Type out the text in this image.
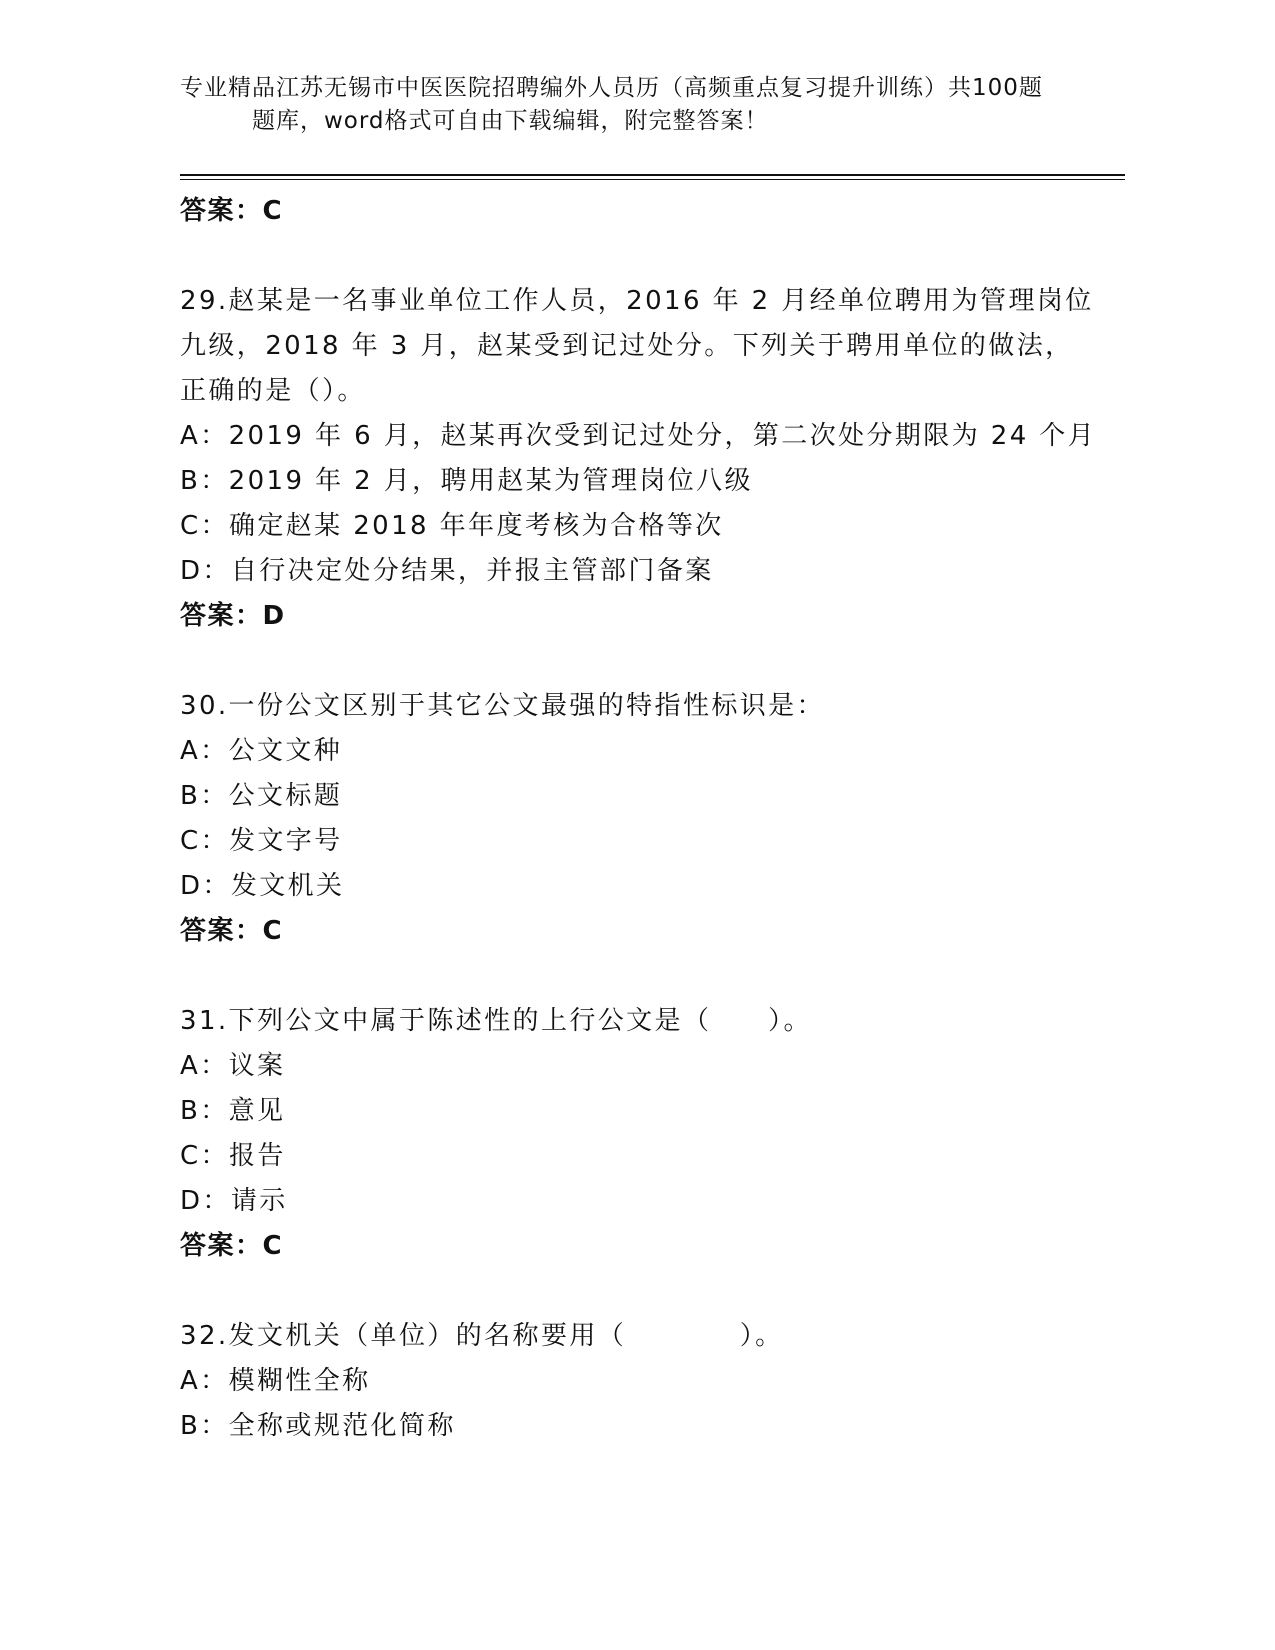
专业精品江苏无锡市中医医院招聘编外人员历（高频重点复习提升训练）共100题
题库，word格式可自由下载编辑，附完整答案！
答案：C
29.赵某是一名事业单位工作人员，2016 年 2 月经单位聘用为管理岗位
九级，2018 年 3 月，赵某受到记过处分。下列关于聘用单位的做法，
正确的是（）。
A：2019 年 6 月，赵某再次受到记过处分，第二次处分期限为 24 个月
B：2019 年 2 月，聘用赵某为管理岗位八级
C：确定赵某 2018 年年度考核为合格等次
D：自行决定处分结果，并报主管部门备案
答案：D
30.一份公文区别于其它公文最强的特指性标识是：
A：公文文种
B：公文标题
C：发文字号
D：发文机关
答案：C
31.下列公文中属于陈述性的上行公文是（　　）。
A：议案
B：意见
C：报告
D：请示
答案：C
32.发文机关（单位）的名称要用（　　　　）。
A：模糊性全称
B：全称或规范化简称
